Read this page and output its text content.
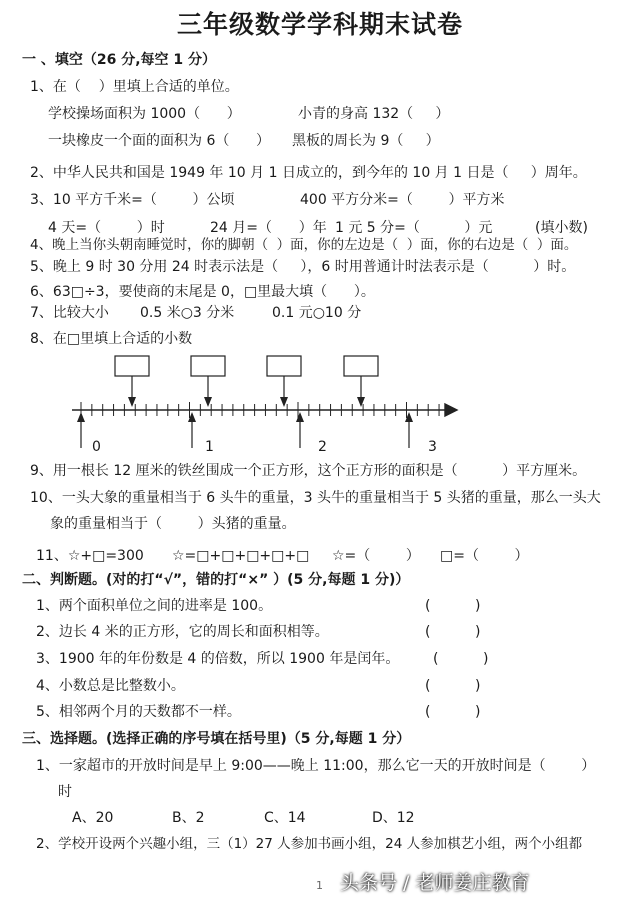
三年级数学学科期末试卷
一 、填空（26 分,每空 1 分）
1、在（    ）里填上合适的单位。
学校操场面积为 1000（      ）	小青的身高 132（     ）
一块橡皮一个面的面积为 6（      ） 黑板的周长为 9（     ）
2、中华人民共和国是 1949 年 10 月 1 日成立的，到今年的 10 月 1 日是（     ）周年。
3、10 平方千米=（        ）公顷	400 平方分米=（        ）平方米
4 天=（        ）时	24 月=（      ）年 1 元 5 分=（          ）元	(填小数)
4、晚上当你头朝南睡觉时，你的脚朝（  ）面，你的左边是（  ）面，你的右边是（  ）面。
5、晚上 9 时 30 分用 24 时表示法是（     ），6 时用普通计时法表示是（          ）时。
6、63□÷3，要使商的末尾是 0，□里最大填（      ）。
7、比较大小 0.5 米○3 分米	0.1 元○10 分
8、在□里填上合适的小数
0	1	2	3
9、用一根长 12 厘米的铁丝围成一个正方形，这个正方形的面积是（          ）平方厘米。
10、一头大象的重量相当于 6 头牛的重量，3 头牛的重量相当于 5 头猪的重量，那么一头大
象的重量相当于（        ）头猪的重量。
11、☆+□=300 ☆=□+□+□+□+□ ☆=（        ） □=（        ）
二、判断题。(对的打“√”，错的打“×” ）(5 分,每题 1 分)）
1、两个面积单位之间的进率是 100。	(          )
2、边长 4 米的正方形，它的周长和面积相等。	(          )
3、1900 年的年份数是 4 的倍数，所以 1900 年是闰年。 (          )
4、小数总是比整数小。	(          )
5、相邻两个月的天数都不一样。	(          )
三、选择题。(选择正确的序号填在括号里)（5 分,每题 1 分）
1、一家超市的开放时间是早上 9:00——晚上 11:00，那么它一天的开放时间是（        ）
时
A、20	B、2	C、14	D、12
2、学校开设两个兴趣小组，三（1）27 人参加书画小组，24 人参加棋艺小组，两个小组都
1 头条号 / 老师姜庄教育
